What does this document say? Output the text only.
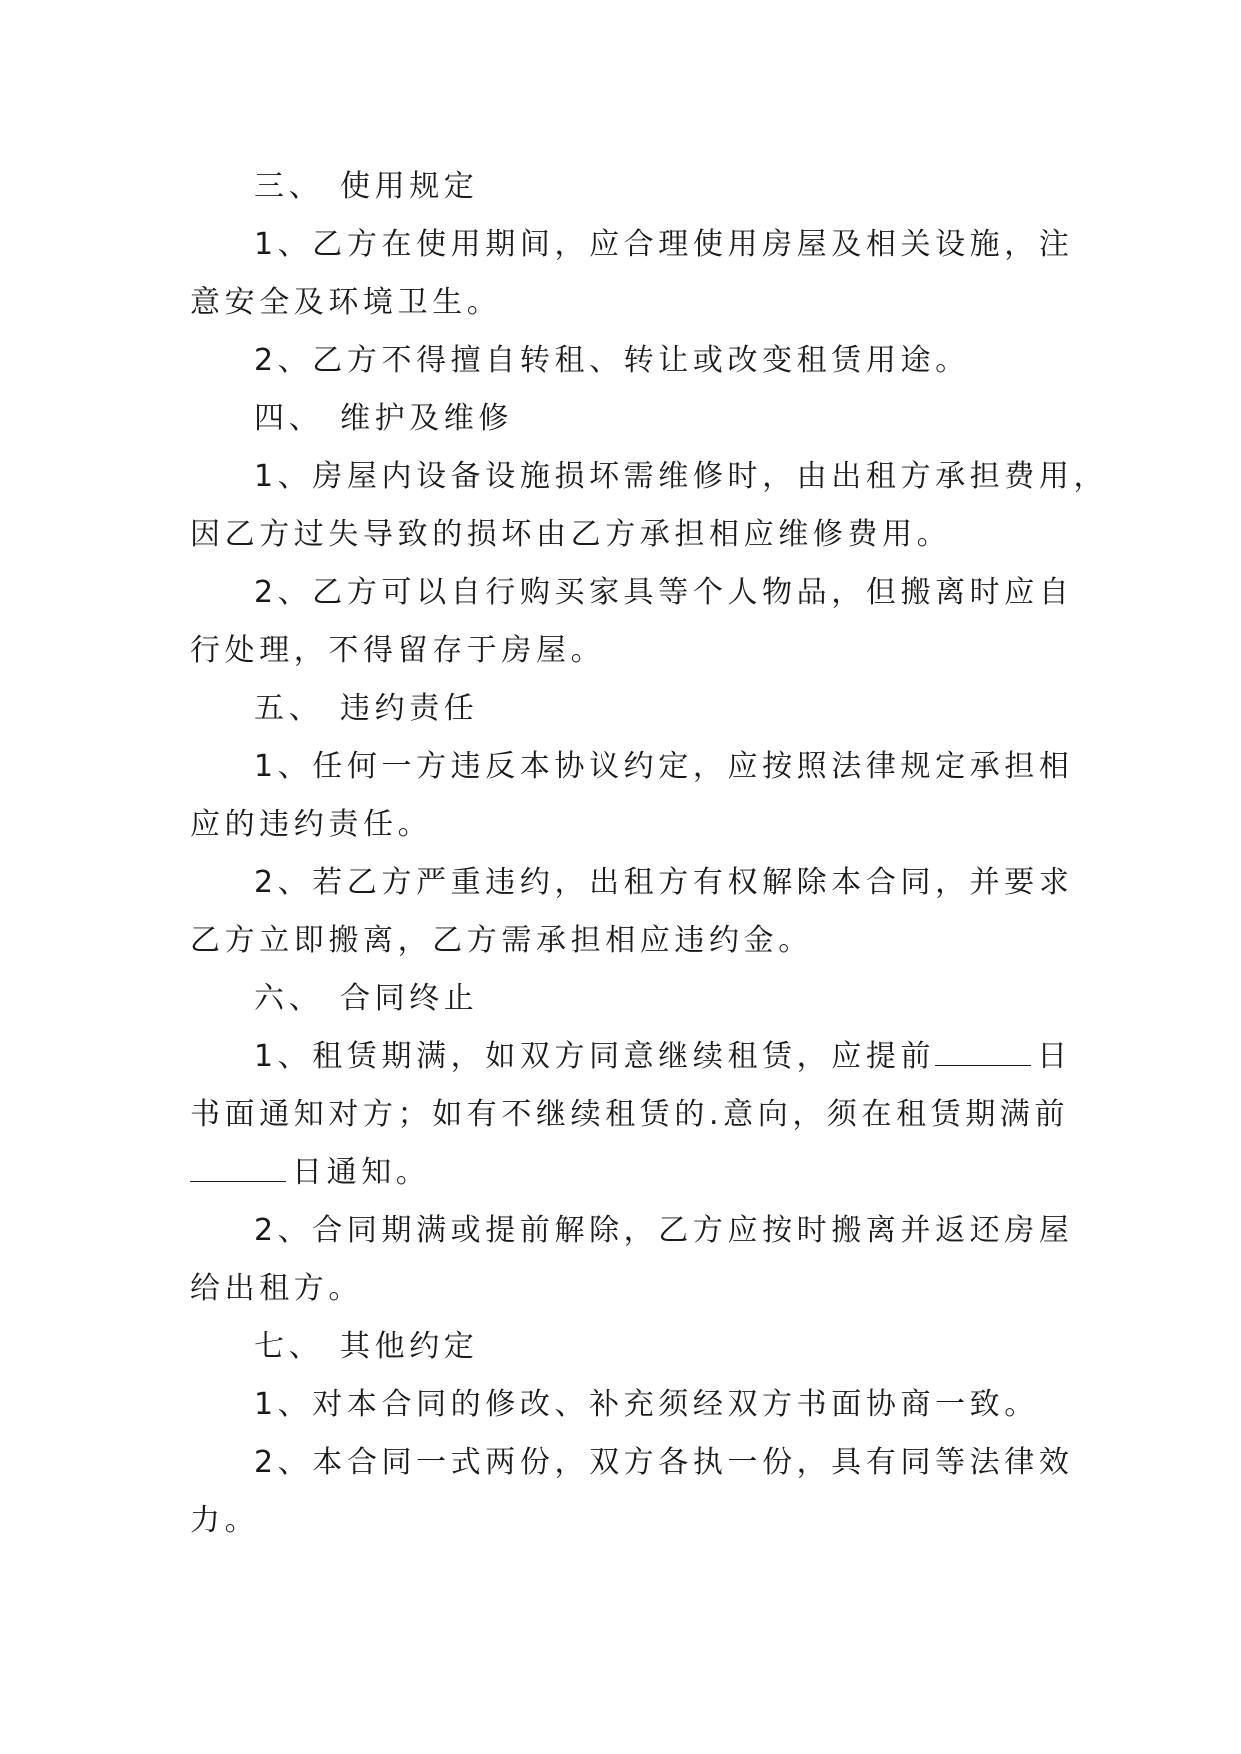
三、 使用规定
1、乙方在使用期间，应合理使用房屋及相关设施，注
意安全及环境卫生。
2、乙方不得擅自转租、转让或改变租赁用途。
四、 维护及维修
1、房屋内设备设施损坏需维修时，由出租方承担费用，
因乙方过失导致的损坏由乙方承担相应维修费用。
2、乙方可以自行购买家具等个人物品，但搬离时应自
行处理，不得留存于房屋。
五、 违约责任
1、任何一方违反本协议约定，应按照法律规定承担相
应的违约责任。
2、若乙方严重违约，出租方有权解除本合同，并要求
乙方立即搬离，乙方需承担相应违约金。
六、 合同终止
1、租赁期满，如双方同意继续租赁，应提前	日
书面通知对方；如有不继续租赁的.意向，须在租赁期满前
日通知。
2、合同期满或提前解除，乙方应按时搬离并返还房屋
给出租方。
七、 其他约定
1、对本合同的修改、补充须经双方书面协商一致。
2、本合同一式两份，双方各执一份，具有同等法律效
力。
